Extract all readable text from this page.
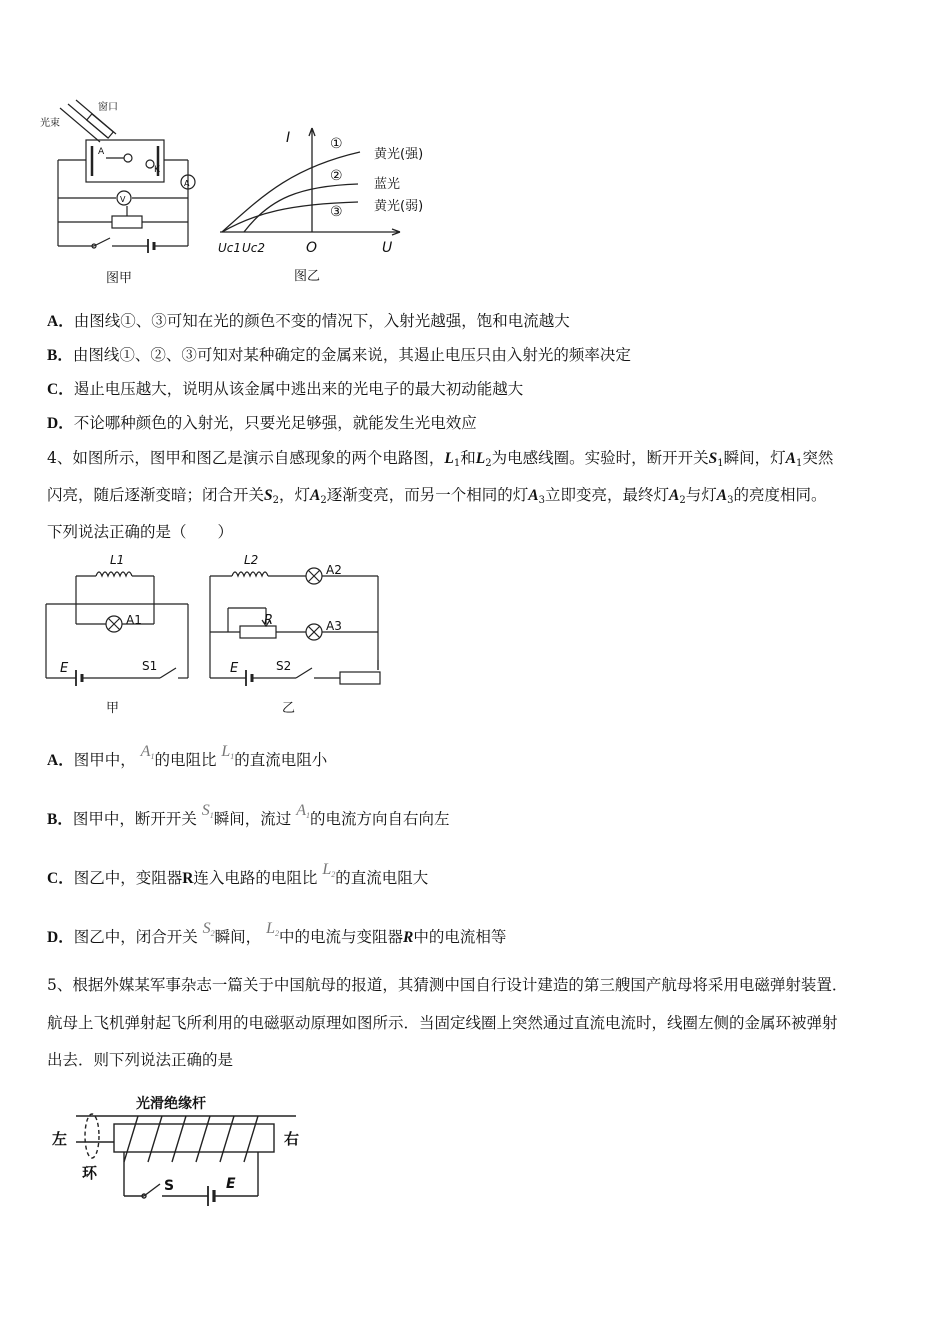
光束
窗口
A
K
A
V
图甲
I
U
O
Uc1 Uc2
①
②
③
黄光(强)
蓝光
黄光(弱)
图乙
A．由图线①、③可知在光的颜色不变的情况下，入射光越强，饱和电流越大
B．由图线①、②、③可知对某种确定的金属来说，其遏止电压只由入射光的频率决定
C．遏止电压越大，说明从该金属中逃出来的光电子的最大初动能越大
D．不论哪种颜色的入射光，只要光足够强，就能发生光电效应
4、如图所示，图甲和图乙是演示自感现象的两个电路图，$L_1$和$L_2$为电感线圈。实验时，断开开关$S_1$瞬间，灯$A_1$突然
闪亮，随后逐渐变暗；闭合开关$S_2$，灯$A_2$逐渐变亮，而另一个相同的灯$A_3$立即变亮，最终灯$A_2$与灯$A_3$的亮度相同。
下列说法正确的是（　　）
L1
A1
E	S1
甲
L2
A2
A3
R
E	S2
乙
A．图甲中， $A_1$的电阻比 $L_1$的直流电阻小
B．图甲中，断开开关 $S_1$瞬间，流过 $A_1$的电流方向自右向左
C．图乙中，变阻器R连入电路的电阻比 $L_2$的直流电阻大
D．图乙中，闭合开关 $S_2$瞬间， $L_2$中的电流与变阻器R中的电流相等
5、根据外媒某军事杂志一篇关于中国航母的报道，其猜测中国自行设计建造的第三艘国产航母将采用电磁弹射装置．
航母上飞机弹射起飞所利用的电磁驱动原理如图所示．当固定线圈上突然通过直流电流时，线圈左侧的金属环被弹射
出去．则下列说法正确的是
光滑绝缘杆
左	右
环
S	E
